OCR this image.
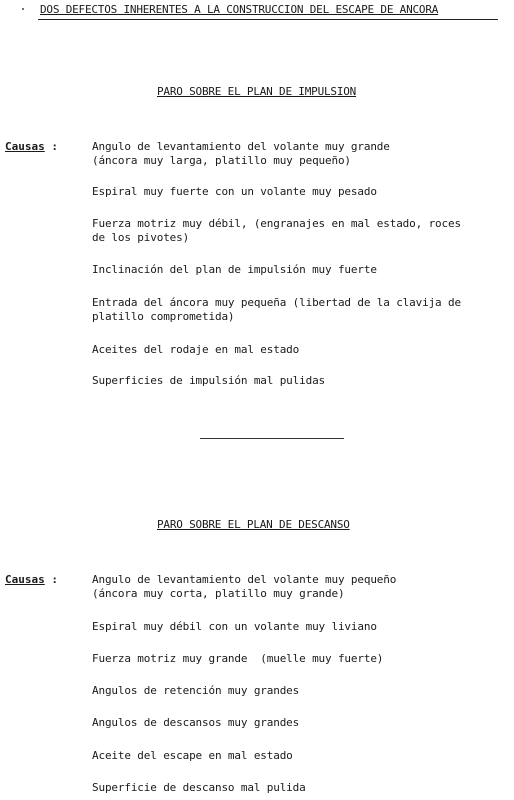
DOS DEFECTOS INHERENTES A LA CONSTRUCCION DEL ESCAPE DE ANCORA
PARO SOBRE EL PLAN DE IMPULSION
Causas :	Angulo de levantamiento del volante muy grande
(áncora muy larga, platillo muy pequeño)
Espiral muy fuerte con un volante muy pesado
Fuerza motriz muy débil, (engranajes en mal estado, roces
de los pivotes)
Inclinación del plan de impulsión muy fuerte
Entrada del áncora muy pequeña (libertad de la clavija de
platillo comprometida)
Aceites del rodaje en mal estado
Superficies de impulsión mal pulidas
PARO SOBRE EL PLAN DE DESCANSO
Causas :	Angulo de levantamiento del volante muy pequeño
(áncora muy corta, platillo muy grande)
Espiral muy débil con un volante muy liviano
Fuerza motriz muy grande  (muelle muy fuerte)
Angulos de retención muy grandes
Angulos de descansos muy grandes
Aceite del escape en mal estado
Superficie de descanso mal pulida
